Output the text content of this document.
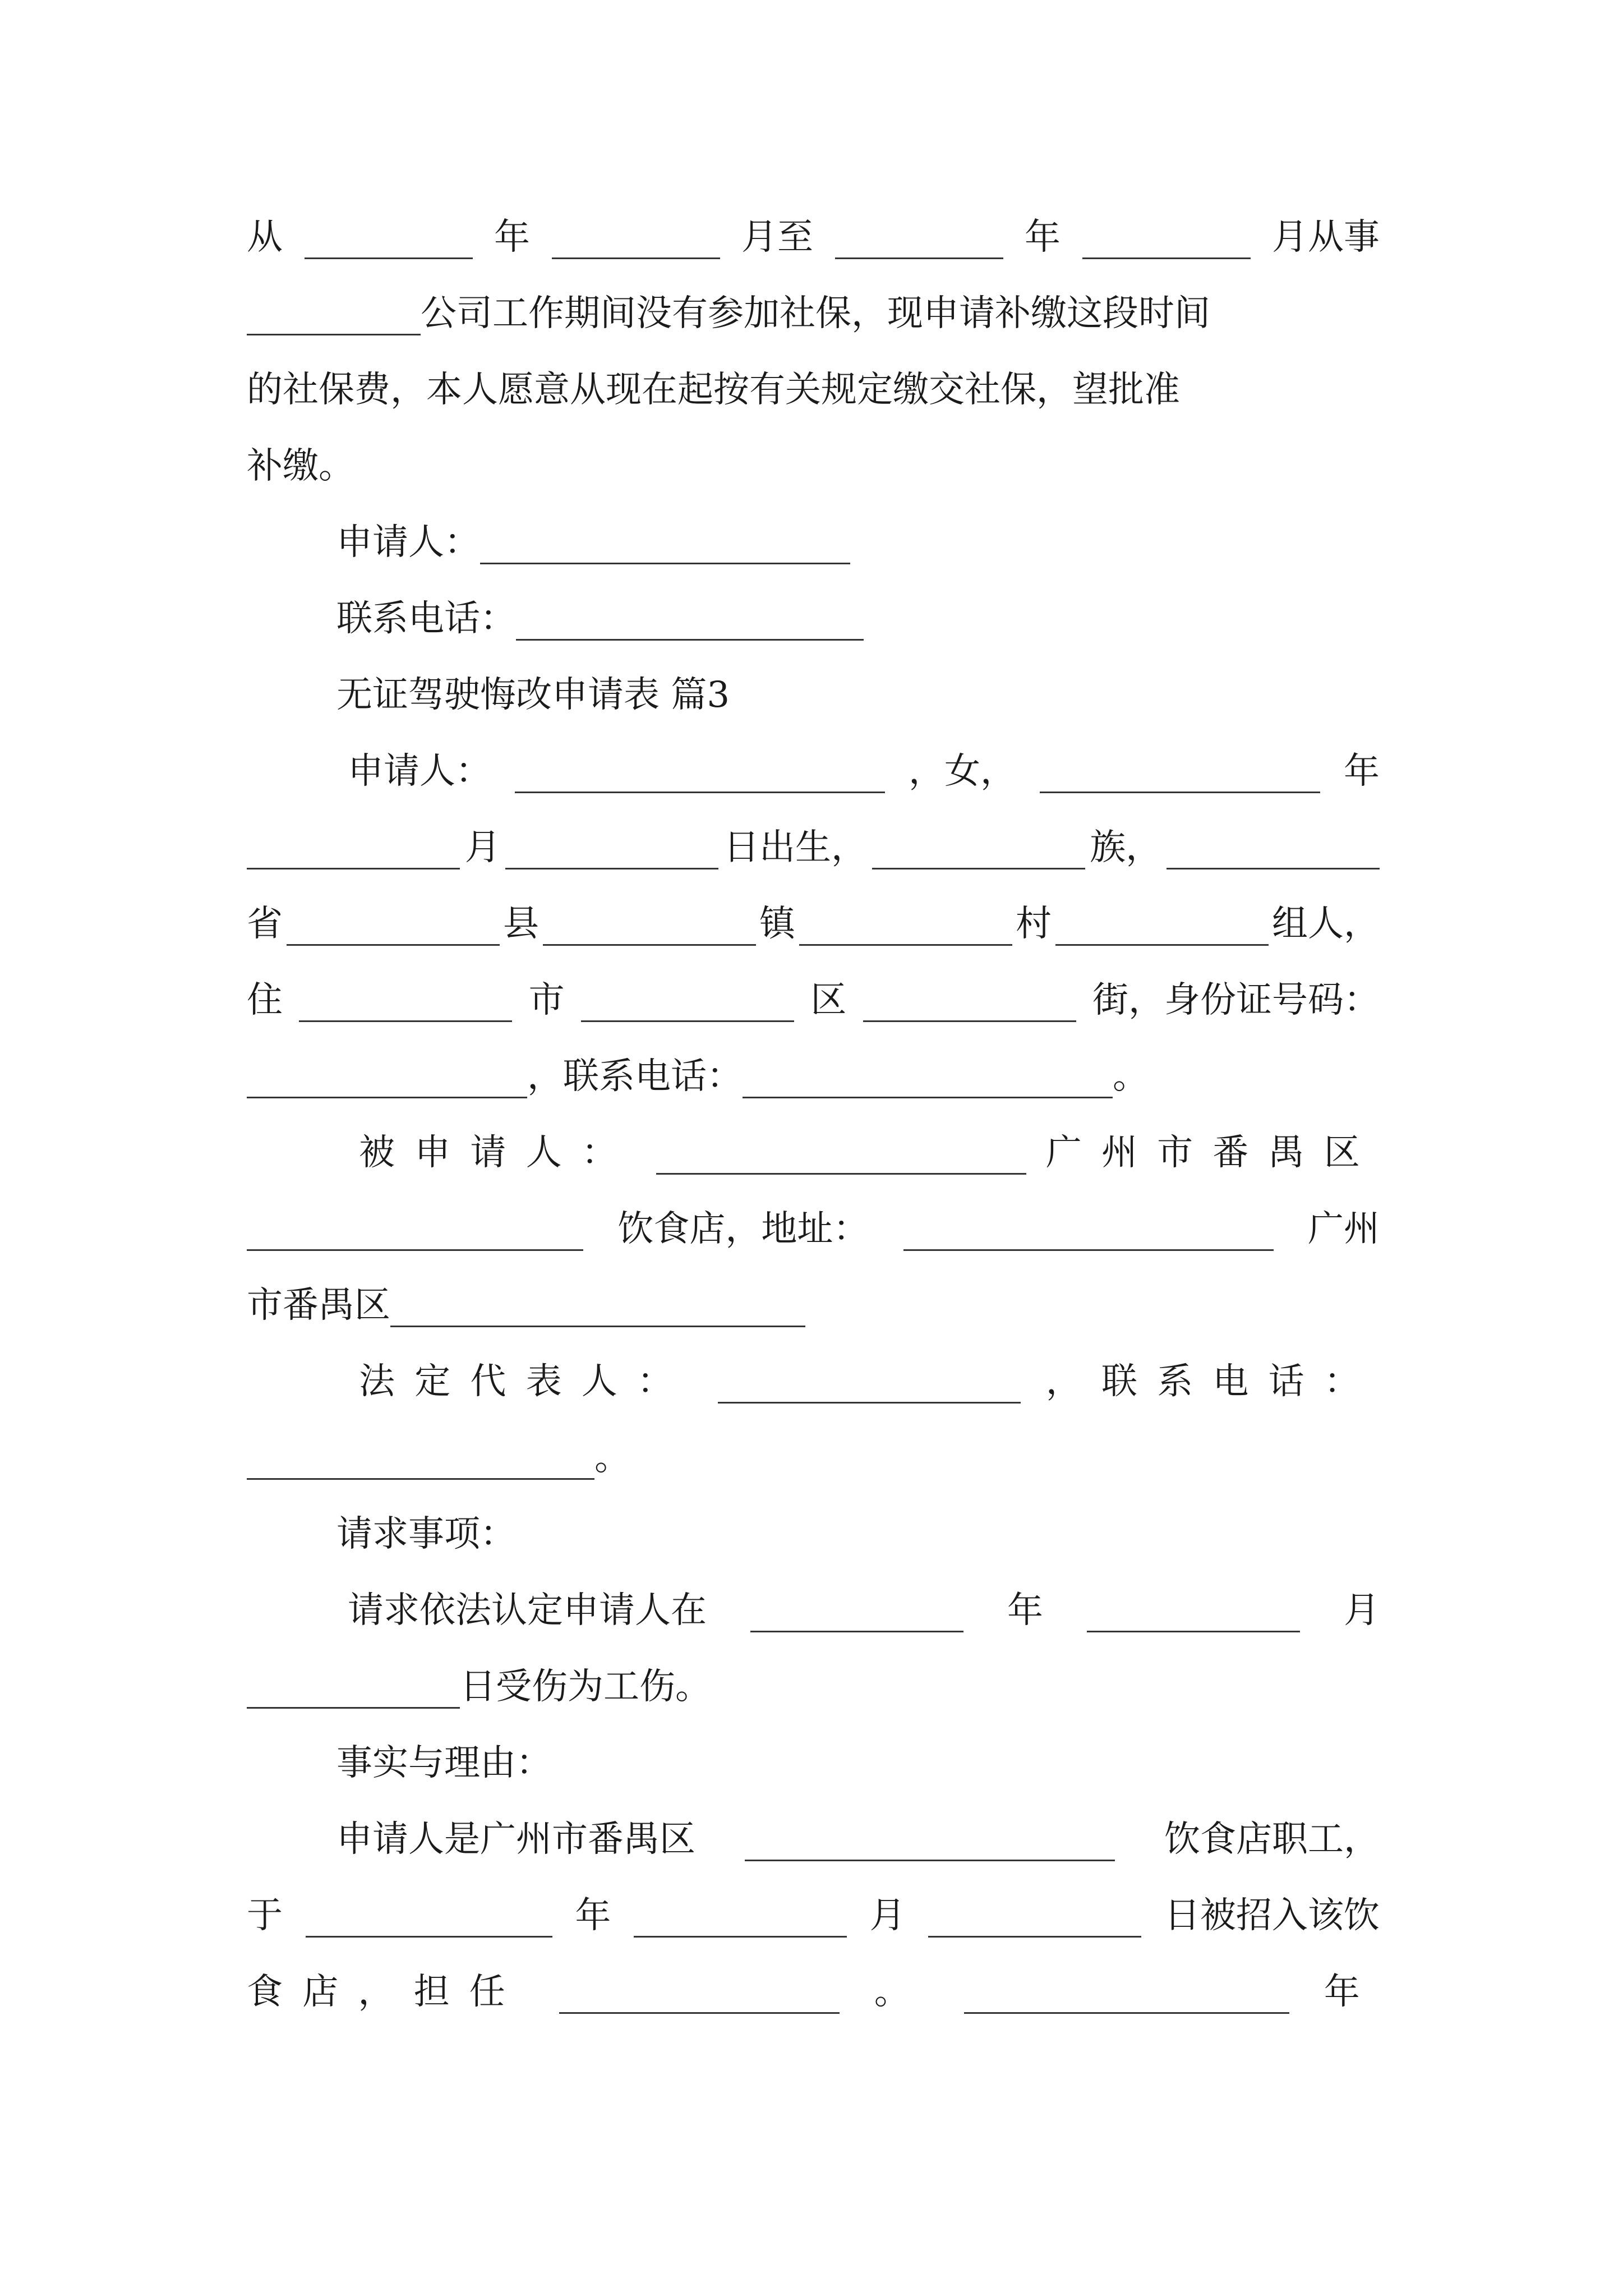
从	年	月至	年	月从事
公司工作期间没有参加社保，现申请补缴这段时间
的社保费，本人愿意从现在起按有关规定缴交社保，望批准
补缴。
申请人：
联系电话：
无证驾驶悔改申请表 篇3
申请人：	，女，	年
月	日出生，	族，
省	县	镇	村	组人，
住	市	区	街，身份证号码：
，联系电话：	。
被申请人：	广州市番禺区
饮食店，地址：	广州
市番禺区
法定代表人：	，联系电话：
。
请求事项：
请求依法认定申请人在	年	月
日受伤为工伤。
事实与理由：
申请人是广州市番禺区	饮食店职工，
于	年	月	日被招入该饮
食店，担任	。	年
